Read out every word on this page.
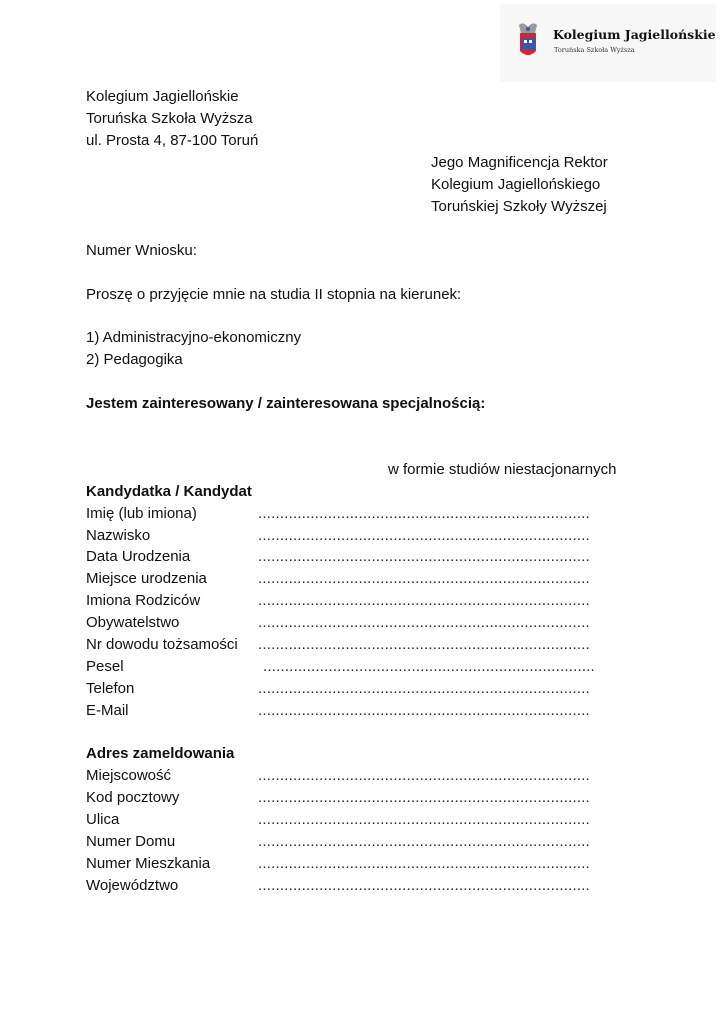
Kolegium Jagiellońskie
Toruńska Szkoła Wyższa
Kolegium Jagiellońskie
Toruńska Szkoła Wyższa
ul. Prosta 4, 87-100 Toruń
Jego Magnificencja Rektor
Kolegium Jagiellońskiego
Toruńskiej Szkoły Wyższej
Numer Wniosku:
Proszę o przyjęcie mnie na studia II stopnia na kierunek:
1) Administracyjno-ekonomiczny
2) Pedagogika
Jestem zainteresowany / zainteresowana specjalnością:
w formie studiów niestacjonarnych
Kandydatka / Kandydat
Imię (lub imiona)	............................................................................
Nazwisko	............................................................................
Data Urodzenia	............................................................................
Miejsce urodzenia	............................................................................
Imiona Rodziców	............................................................................
Obywatelstwo	............................................................................
Nr dowodu tożsamości ............................................................................
Pesel	............................................................................
Telefon	............................................................................
E-Mail	............................................................................
Adres zameldowania
Miejscowość	............................................................................
Kod pocztowy	............................................................................
Ulica	............................................................................
Numer Domu	............................................................................
Numer Mieszkania	............................................................................
Województwo	............................................................................
